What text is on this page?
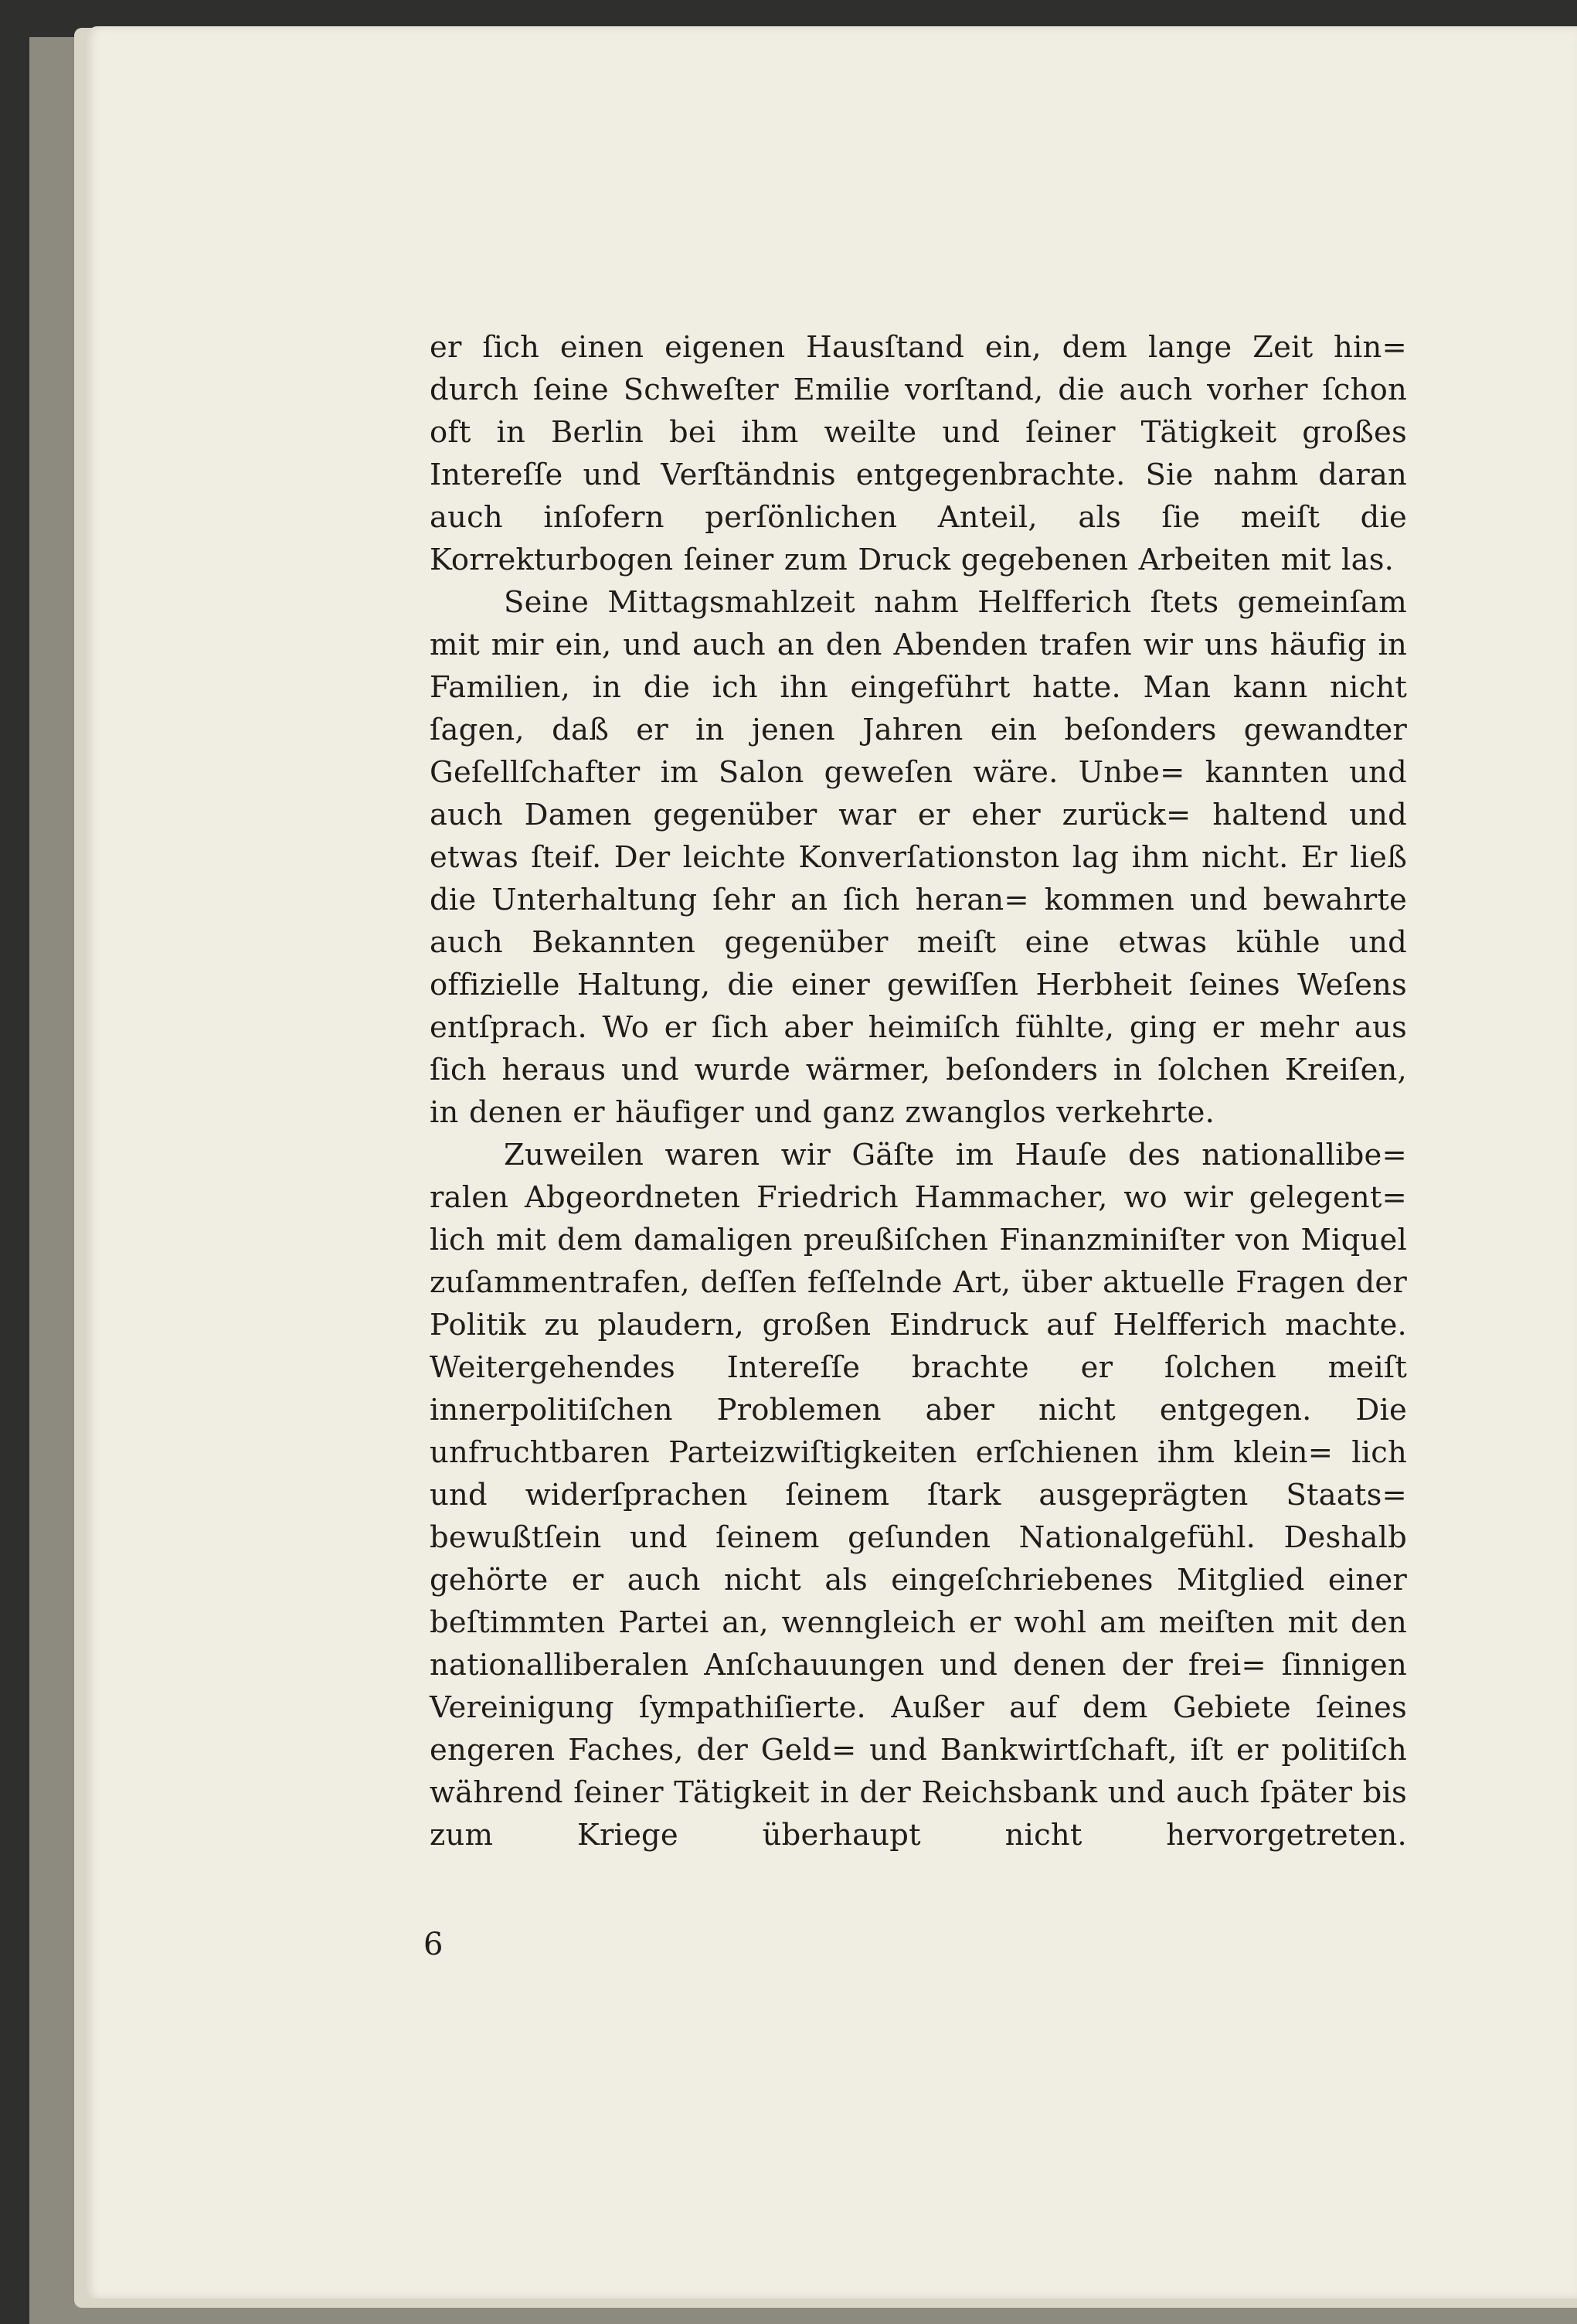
er ſich einen eigenen Hausſtand ein, dem lange Zeit hin= durch ſeine Schweſter Emilie vorſtand, die auch vorher ſchon oft in Berlin bei ihm weilte und ſeiner Tätigkeit großes Intereſſe und Verſtändnis entgegenbrachte. Sie nahm daran auch inſofern perſönlichen Anteil, als ſie meiſt die Korrekturbogen ſeiner zum Druck gegebenen Arbeiten mit las.

Seine Mittagsmahlzeit nahm Helfferich ſtets gemeinſam mit mir ein, und auch an den Abenden trafen wir uns häufig in Familien, in die ich ihn eingeführt hatte. Man kann nicht ſagen, daß er in jenen Jahren ein beſonders gewandter Geſellſchafter im Salon geweſen wäre. Unbe= kannten und auch Damen gegenüber war er eher zurück= haltend und etwas ſteif. Der leichte Konverſationston lag ihm nicht. Er ließ die Unterhaltung ſehr an ſich heran= kommen und bewahrte auch Bekannten gegenüber meiſt eine etwas kühle und offizielle Haltung, die einer gewiſſen Herbheit ſeines Weſens entſprach. Wo er ſich aber heimiſch fühlte, ging er mehr aus ſich heraus und wurde wärmer, beſonders in ſolchen Kreiſen, in denen er häufiger und ganz zwanglos verkehrte.

Zuweilen waren wir Gäſte im Hauſe des nationallibe= ralen Abgeordneten Friedrich Hammacher, wo wir gelegent= lich mit dem damaligen preußiſchen Finanzminiſter von Miquel zuſammentrafen, deſſen feſſelnde Art, über aktuelle Fragen der Politik zu plaudern, großen Eindruck auf Helfferich machte. Weitergehendes Intereſſe brachte er ſolchen meiſt innerpolitiſchen Problemen aber nicht entgegen. Die unfruchtbaren Parteizwiſtigkeiten erſchienen ihm klein= lich und widerſprachen ſeinem ſtark ausgeprägten Staats= bewußtſein und ſeinem geſunden Nationalgefühl. Deshalb gehörte er auch nicht als eingeſchriebenes Mitglied einer beſtimmten Partei an, wenngleich er wohl am meiſten mit den nationalliberalen Anſchauungen und denen der frei= ſinnigen Vereinigung ſympathiſierte. Außer auf dem Gebiete ſeines engeren Faches, der Geld= und Bankwirtſchaft, iſt er politiſch während ſeiner Tätigkeit in der Reichsbank und auch ſpäter bis zum Kriege überhaupt nicht hervorgetreten.

6
